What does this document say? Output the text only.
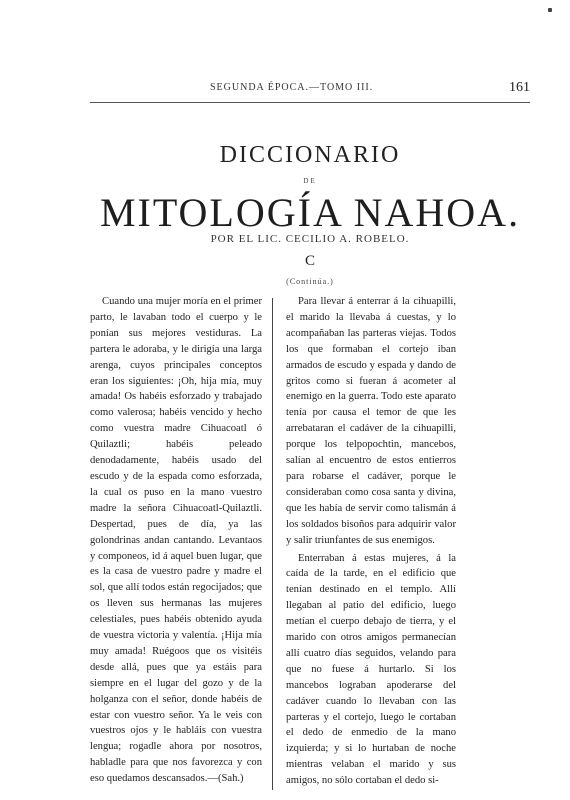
SEGUNDA ÉPOCA.—TOMO III.	161
DICCIONARIO
DE
MITOLOGÍA NAHOA.
POR EL LIC. CECILIO A. ROBELO.
C
(Continúa.)

Cuando una mujer moría en el primer parto, le lavaban todo el cuerpo y le ponían sus mejores vestiduras. La partera le adoraba, y le dirigía una larga arenga, cuyos principales conceptos eran los siguientes: ¡Oh, hija mía, muy amada! Os habéis esforzado y trabajado como valerosa; habéis vencido y hecho como vuestra madre Cihuacoatl ó Quilaztli; habéis peleado denodadamente, habéis usado del escudo y de la espada como esforzada, la cual os puso en la mano vuestro madre la señora Cihuacoatl-Quilaztli. Despertad, pues de día, ya las golondrinas andan cantando. Levantaos y componeos, id á aquel buen lugar, que es la casa de vuestro padre y madre el sol, que allí todos están regocijados; que os lleven sus hermanas las mujeres celestiales, pues habéis obtenido ayuda de vuestra victoria y valentía. ¡Hija mía muy amada! Ruégoos que os visitéis desde allá, pues que ya estáis para siempre en el lugar del gozo y de la holganza con el señor, donde habéis de estar con vuestro señor. Ya le veis con vuestros ojos y le habláis con vuestra lengua; rogadle ahora por nosotros, habladle para que nos favorezca y con eso quedamos descansados.—(Sah.)

Para llevar á enterrar á la cihuapilli, el marido la llevaba á cuestas, y lo acompañaban las parteras viejas. Todos los que formaban el cortejo iban armados de escudo y espada y dando de gritos como si fueran á acometer al enemigo en la guerra. Todo este aparato tenía por causa el temor de que les arrebataran el cadáver de la cihuapilli, porque los telpopochtin, mancebos, salían al encuentro de estos entierros para robarse el cadáver, porque le consideraban como cosa santa y divina, que les había de servir como talismán á los soldados bisoños para adquirir valor y salir triunfantes de sus enemigos.

Enterraban á estas mujeres, á la caída de la tarde, en el edificio que tenían destinado en el templo. Allí llegaban al patio del edificio, luego metían el cuerpo debajo de tierra, y el marido con otros amigos permanecían allí cuatro días seguidos, velando para que no fuese á hurtarlo. Si los mancebos lograban apoderarse del cadáver cuando lo llevaban con las parteras y el cortejo, luego le cortaban el dedo de enmedio de la mano izquierda; y si lo hurtaban de noche mientras velaban el marido y sus amigos, no sólo cortaban el dedo si-
